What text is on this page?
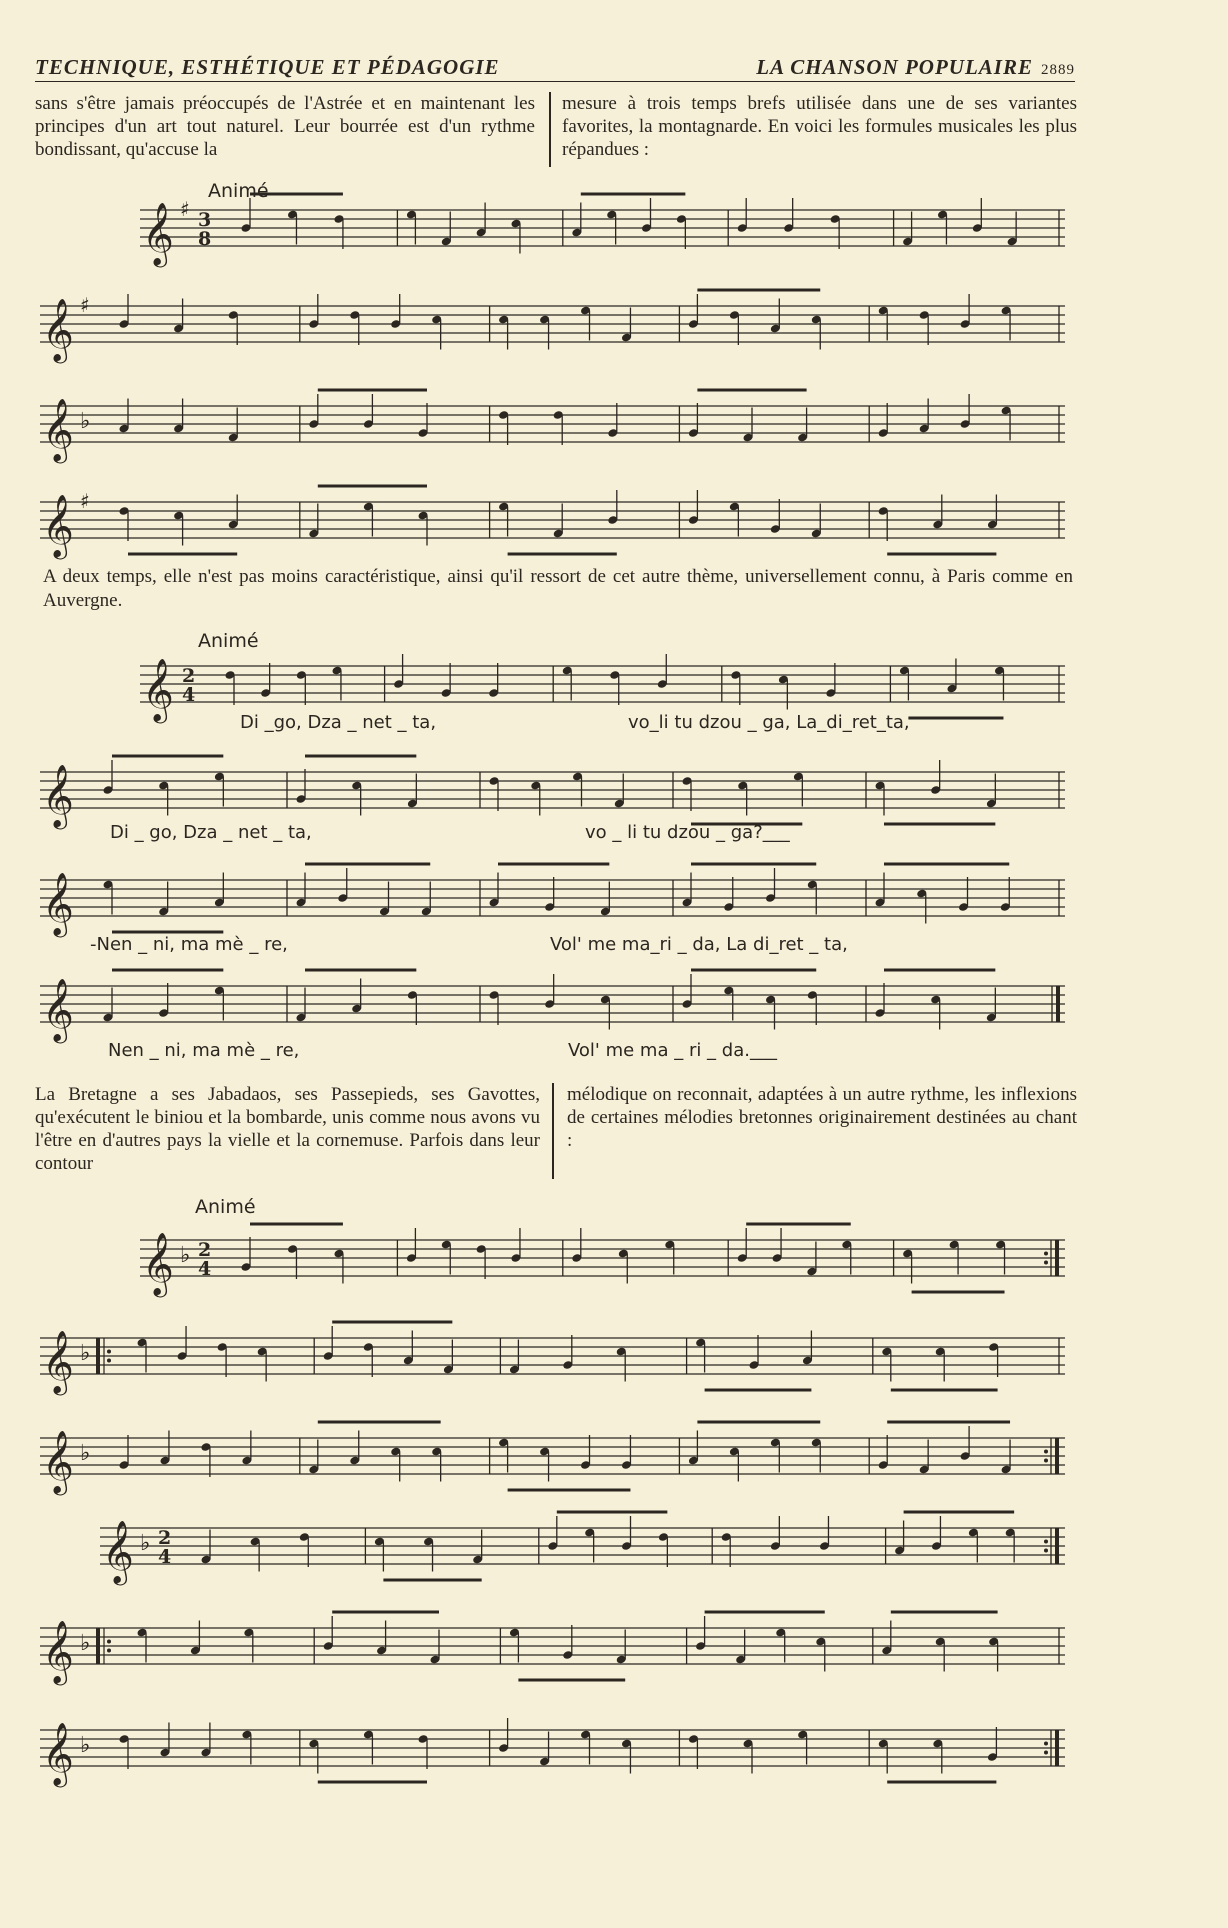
TECHNIQUE, ESTHÉTIQUE ET PÉDAGOGIE	LA CHANSON POPULAIRE 2889

sans s'être jamais préoccupés de l'Astrée et en maintenant les principes d'un art tout naturel. Leur bourrée est d'un rythme bondissant, qu'accuse la

mesure à trois temps brefs utilisée dans une de ses variantes favorites, la montagnarde. En voici les formules musicales les plus répandues :

Animé
𝄞 ♯ 3
8
𝄞 ♯
𝄞 ♭
𝄞 ♯

A deux temps, elle n'est pas moins caractéristique, ainsi qu'il ressort de cet autre thème, universellement connu, à Paris comme en Auvergne.

Animé
𝄞 2
4
Di _go, Dza _ net _ ta,	vo_li tu dzou _ ga, La_di_ret_ta,
𝄞
Di _ go, Dza _ net _ ta,	vo _ li tu dzou _ ga?___
𝄞
-Nen _ ni, ma mè _ re,	Vol' me ma_ri _ da, La di_ret _ ta,
𝄞
Nen _ ni, ma mè _ re,	Vol' me ma _ ri _ da.___

La Bretagne a ses Jabadaos, ses Passepieds, ses Gavottes, qu'exécutent le biniou et la bombarde, unis comme nous avons vu l'être en d'autres pays la vielle et la cornemuse. Parfois dans leur contour

mélodique on reconnait, adaptées à un autre rythme, les inflexions de certaines mélodies bretonnes originairement destinées au chant :

Animé
𝄞 ♭ 2
4
𝄞 ♭
𝄞 ♭
𝄞 ♭ 2
4
𝄞 ♭
𝄞 ♭
